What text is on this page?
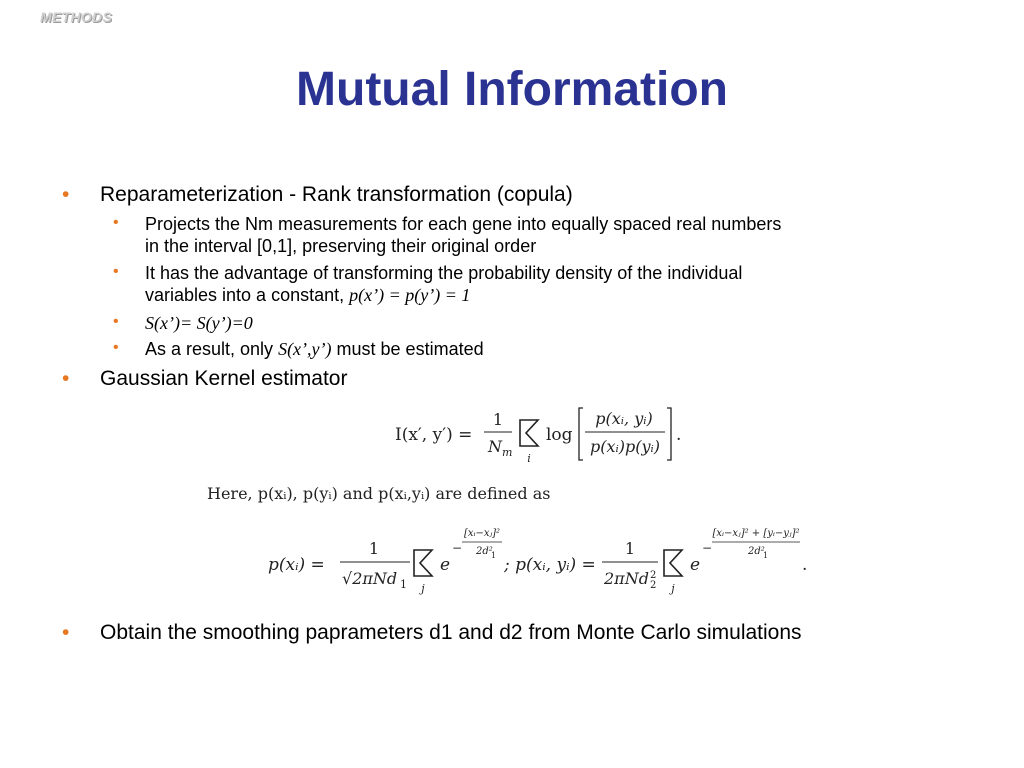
METHODS
Mutual Information
• Reparameterization - Rank transformation (copula)
• Projects the Nm measurements for each gene into equally spaced real numbers
in the interval [0,1], preserving their original order
• It has the advantage of transforming the probability density of the individual
variables into a constant, p(x’) = p(y’) = 1
• S(x’)= S(y’)=0
• As a result, only S(x’,y’) must be estimated
• Gaussian Kernel estimator
I(x′, y′) =
1
N m i
log
p(xᵢ, yᵢ)
p(xᵢ)p(yᵢ)
.
Here, p(xᵢ), p(yᵢ) and p(xᵢ,yᵢ) are defined as
p(xᵢ) =
1
√2πNd 1 j
e
−
[xᵢ−xⱼ]²
2d²
1 ; p(xᵢ, yᵢ) =
1
2πNd 2
2 j
e
−
[xᵢ−xⱼ]² + [yᵢ−yⱼ]²
2d²
1 .
• Obtain the smoothing paprameters d1 and d2 from Monte Carlo simulations
